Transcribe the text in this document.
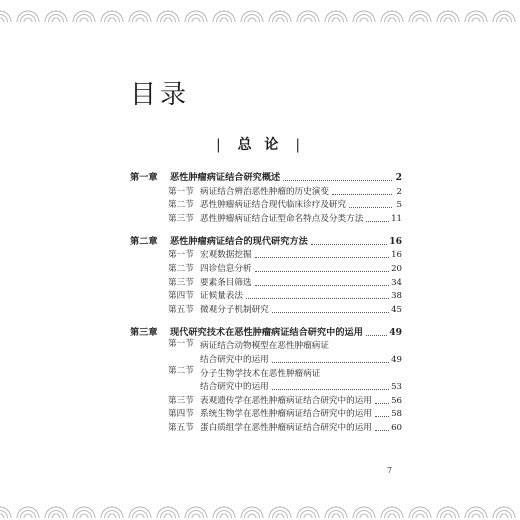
目录
| 总 论 |
第一章	恶性肿瘤病证结合研究概述	2
第一节 病证结合辨治恶性肿瘤的历史演变	2
第二节 恶性肿瘤病证结合现代临床诊疗及研究	5
第三节 恶性肿瘤病证结合证型命名特点及分类方法	11
第二章	恶性肿瘤病证结合的现代研究方法	16
第一节 宏观数据挖掘	16
第二节 四诊信息分析	20
第三节 要素条目筛选	34
第四节 证候量表法	38
第五节 微观分子机制研究	45
第三章	现代研究技术在恶性肿瘤病证结合研究中的运用	49
第一节 病证结合动物模型在恶性肿瘤病证
结合研究中的运用	49
第二节 分子生物学技术在恶性肿瘤病证
结合研究中的运用	53
第三节 表观遗传学在恶性肿瘤病证结合研究中的运用 56
第四节 系统生物学在恶性肿瘤病证结合研究中的运用 58
第五节 蛋白质组学在恶性肿瘤病证结合研究中的运用 60
7
